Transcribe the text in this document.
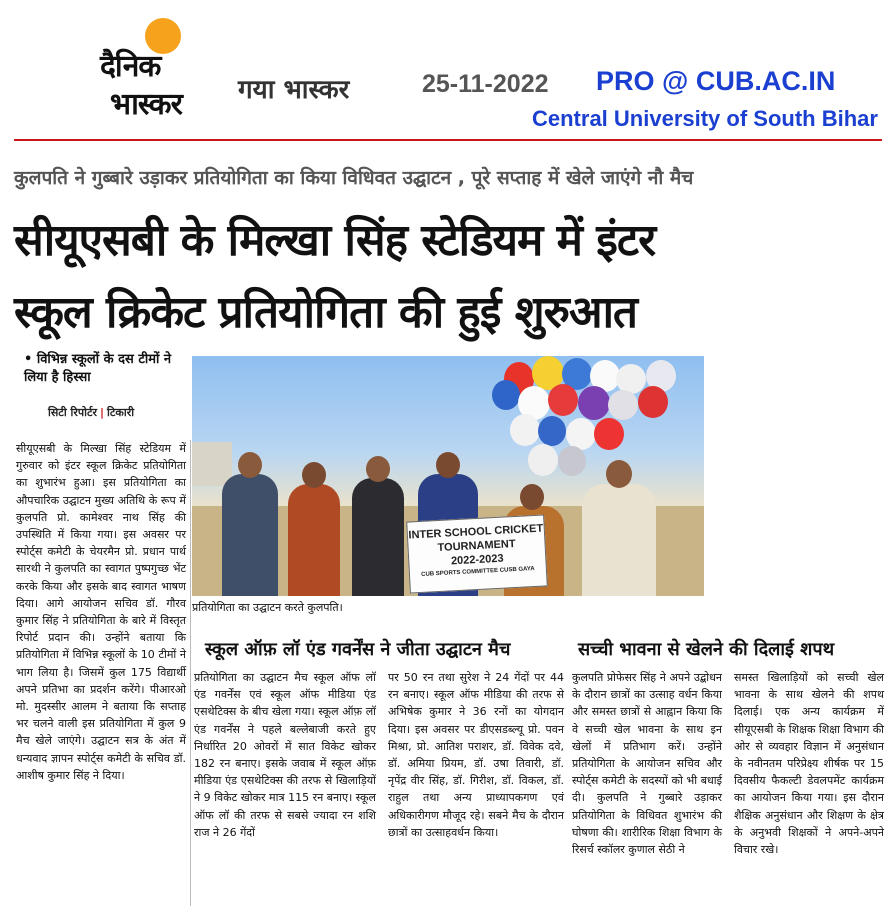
दैनिक
भास्कर गया भास्कर	25-11-2022 PRO @ CUB.AC.IN
Central University of South Bihar
कुलपति ने गुब्बारे उड़ाकर प्रतियोगिता का किया विधिवत उद्घाटन , पूरे सप्ताह में खेले जाएंगे नौ मैच
सीयूएसबी के मिल्खा सिंह स्टेडियम में इंटर
स्कूल क्रिकेट प्रतियोगिता की हुई शुरुआत
• विभिन्न स्कूलों के दस टीमों ने लिया है हिस्सा
सिटी रिपोर्टर | टिकारी
सीयूएसबी के मिल्खा सिंह स्टेडियम में गुरुवार को इंटर स्कूल क्रिकेट प्रतियोगिता का शुभारंभ हुआ। इस प्रतियोगिता का औपचारिक उद्घाटन मुख्य अतिथि के रूप में कुलपति प्रो. कामेश्वर नाथ सिंह की उपस्थिति में किया गया। इस अवसर पर स्पोर्ट्स कमेटी के चेयरमैन प्रो. प्रधान पार्थ सारथी ने कुलपति का स्वागत पुष्पगुच्छ भेंट करके किया और इसके बाद स्वागत भाषण दिया। आगे आयोजन सचिव डॉ. गौरव कुमार सिंह ने प्रतियोगिता के बारे में विस्तृत रिपोर्ट प्रदान की। उन्होंने बताया कि प्रतियोगिता में विभिन्न स्कूलों के 10 टीमों ने भाग लिया है। जिसमें कुल 175 विद्यार्थी अपने प्रतिभा का प्रदर्शन करेंगे। पीआरओ मो. मुदस्सीर आलम ने बताया कि सप्ताह भर चलने वाली इस प्रतियोगिता में कुल 9 मैच खेले जाएंगे। उद्घाटन सत्र के अंत में धन्यवाद ज्ञापन स्पोर्ट्स कमेटी के सचिव डॉ. आशीष कुमार सिंह ने दिया।
INTER SCHOOL CRICKET
TOURNAMENT
2022-2023
CUB SPORTS COMMITTEE CUSB GAYA
प्रतियोगिता का उद्घाटन करते कुलपति।
स्कूल ऑफ़ लॉ एंड गवर्नेंस ने जीता उद्घाटन मैच	सच्ची भावना से खेलने की दिलाई शपथ
प्रतियोगिता का उद्घाटन मैच स्कूल ऑफ लॉ एंड गवर्नेंस एवं स्कूल ऑफ मीडिया एंड एसथेटिक्स के बीच खेला गया। स्कूल ऑफ़ लॉ एंड गवर्नेंस ने पहले बल्लेबाजी करते हुए निर्धारित 20 ओवरों में सात विकेट खोकर 182 रन बनाए। इसके जवाब में स्कूल ऑफ़ मीडिया एंड एसथेटिक्स की तरफ से खिलाड़ियों ने 9 विकेट खोकर मात्र 115 रन बनाए। स्कूल ऑफ लॉ की तरफ से सबसे ज्यादा रन शशि राज ने 26 गेंदों
पर 50 रन तथा सुरेश ने 24 गेंदों पर 44 रन बनाए। स्कूल ऑफ मीडिया की तरफ से अभिषेक कुमार ने 36 रनों का योगदान दिया। इस अवसर पर डीएसडब्ल्यू प्रो. पवन मिश्रा, प्रो. आतिश पराशर, डॉ. विवेक दवे, डॉ. अमिया प्रियम, डॉ. उषा तिवारी, डॉ. नृपेंद्र वीर सिंह, डॉ. गिरीश, डॉ. विकल, डॉ. राहुल तथा अन्य प्राध्यापकगण एवं अधिकारीगण मौजूद रहे। सबने मैच के दौरान छात्रों का उत्साहवर्धन किया।
कुलपति प्रोफेसर सिंह ने अपने उद्बोधन के दौरान छात्रों का उत्साह वर्धन किया और समस्त छात्रों से आह्वान किया कि वे सच्ची खेल भावना के साथ इन खेलों में प्रतिभाग करें। उन्होंने प्रतियोगिता के आयोजन सचिव और स्पोर्ट्स कमेटी के सदस्यों को भी बधाई दी। कुलपति ने गुब्बारे उड़ाकर प्रतियोगिता के विधिवत शुभारंभ की घोषणा की। शारीरिक शिक्षा विभाग के रिसर्च स्कॉलर कुणाल सेठी ने
समस्त खिलाड़ियों को सच्ची खेल भावना के साथ खेलने की शपथ दिलाई। एक अन्य कार्यक्रम में सीयूएसबी के शिक्षक शिक्षा विभाग की ओर से व्यवहार विज्ञान में अनुसंधान के नवीनतम परिप्रेक्ष्य शीर्षक पर 15 दिवसीय फैकल्टी डेवलपमेंट कार्यक्रम का आयोजन किया गया। इस दौरान शैक्षिक अनुसंधान और शिक्षण के क्षेत्र के अनुभवी शिक्षकों ने अपने-अपने विचार रखे।
